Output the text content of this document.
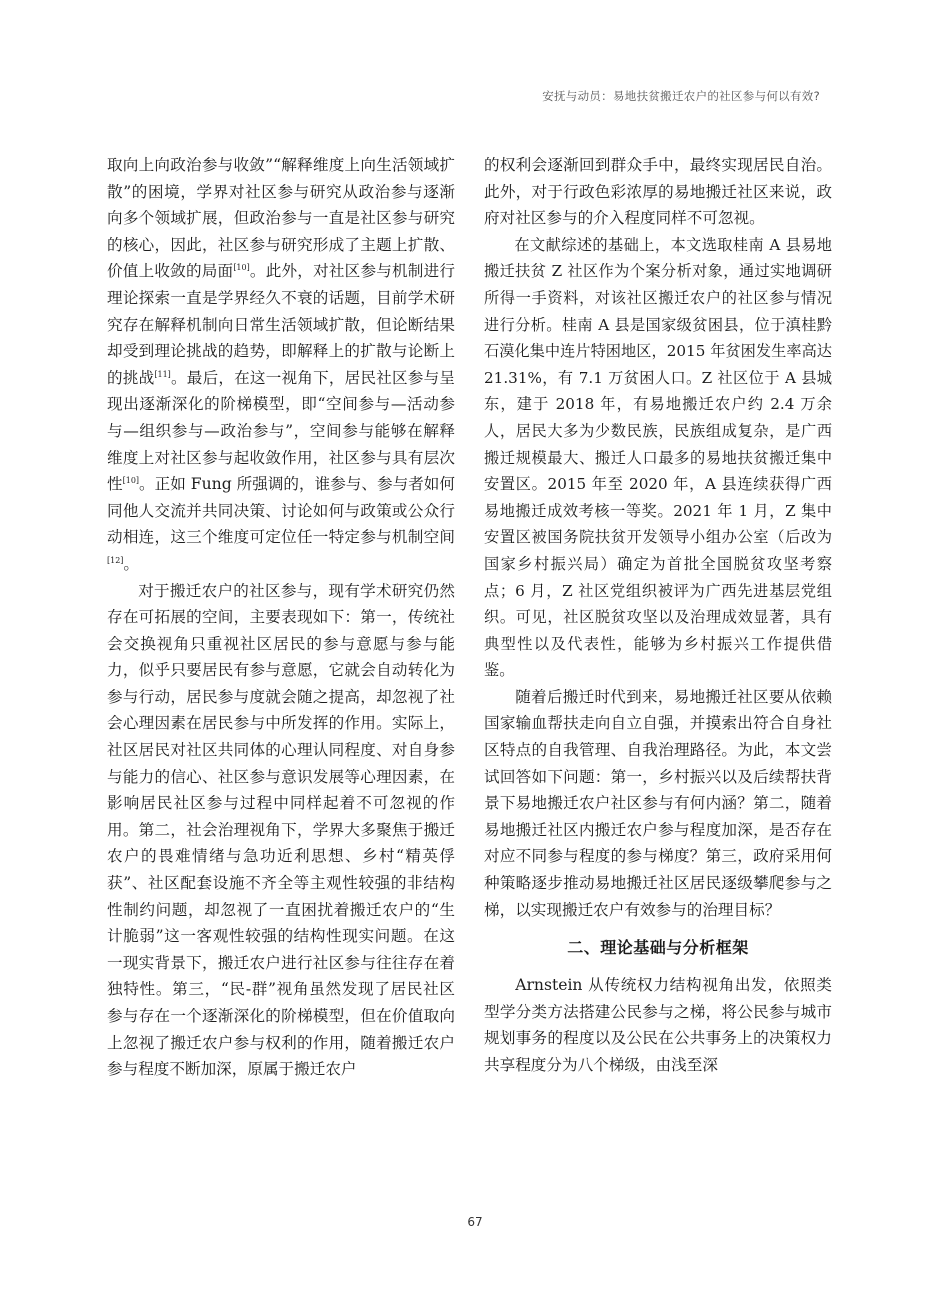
安抚与动员：易地扶贫搬迁农户的社区参与何以有效?

取向上向政治参与收敛”“解释维度上向生活领域扩散”的困境，学界对社区参与研究从政治参与逐渐向多个领域扩展，但政治参与一直是社区参与研究的核心，因此，社区参与研究形成了主题上扩散、价值上收敛的局面[10]。此外，对社区参与机制进行理论探索一直是学界经久不衰的话题，目前学术研究存在解释机制向日常生活领域扩散，但论断结果却受到理论挑战的趋势，即解释上的扩散与论断上的挑战[11]。最后，在这一视角下，居民社区参与呈现出逐渐深化的阶梯模型，即“空间参与—活动参与—组织参与—政治参与”，空间参与能够在解释维度上对社区参与起收敛作用，社区参与具有层次性[10]。正如 Fung 所强调的，谁参与、参与者如何同他人交流并共同决策、讨论如何与政策或公众行动相连，这三个维度可定位任一特定参与机制空间[12]。

对于搬迁农户的社区参与，现有学术研究仍然存在可拓展的空间，主要表现如下：第一，传统社会交换视角只重视社区居民的参与意愿与参与能力，似乎只要居民有参与意愿，它就会自动转化为参与行动，居民参与度就会随之提高，却忽视了社会心理因素在居民参与中所发挥的作用。实际上，社区居民对社区共同体的心理认同程度、对自身参与能力的信心、社区参与意识发展等心理因素，在影响居民社区参与过程中同样起着不可忽视的作用。第二，社会治理视角下，学界大多聚焦于搬迁农户的畏难情绪与急功近利思想、乡村“精英俘获”、社区配套设施不齐全等主观性较强的非结构性制约问题，却忽视了一直困扰着搬迁农户的“生计脆弱”这一客观性较强的结构性现实问题。在这一现实背景下，搬迁农户进行社区参与往往存在着独特性。第三，“民-群”视角虽然发现了居民社区参与存在一个逐渐深化的阶梯模型，但在价值取向上忽视了搬迁农户参与权利的作用，随着搬迁农户参与程度不断加深，原属于搬迁农户

的权利会逐渐回到群众手中，最终实现居民自治。此外，对于行政色彩浓厚的易地搬迁社区来说，政府对社区参与的介入程度同样不可忽视。

在文献综述的基础上，本文选取桂南 A 县易地搬迁扶贫 Z 社区作为个案分析对象，通过实地调研所得一手资料，对该社区搬迁农户的社区参与情况进行分析。桂南 A 县是国家级贫困县，位于滇桂黔石漠化集中连片特困地区，2015 年贫困发生率高达 21.31%，有 7.1 万贫困人口。Z 社区位于 A 县城东，建于 2018 年，有易地搬迁农户约 2.4 万余人，居民大多为少数民族，民族组成复杂，是广西搬迁规模最大、搬迁人口最多的易地扶贫搬迁集中安置区。2015 年至 2020 年，A 县连续获得广西易地搬迁成效考核一等奖。2021 年 1 月，Z 集中安置区被国务院扶贫开发领导小组办公室（后改为国家乡村振兴局）确定为首批全国脱贫攻坚考察点；6 月，Z 社区党组织被评为广西先进基层党组织。可见，社区脱贫攻坚以及治理成效显著，具有典型性以及代表性，能够为乡村振兴工作提供借鉴。

随着后搬迁时代到来，易地搬迁社区要从依赖国家输血帮扶走向自立自强，并摸索出符合自身社区特点的自我管理、自我治理路径。为此，本文尝试回答如下问题：第一，乡村振兴以及后续帮扶背景下易地搬迁农户社区参与有何内涵？第二，随着易地搬迁社区内搬迁农户参与程度加深，是否存在对应不同参与程度的参与梯度？第三，政府采用何种策略逐步推动易地搬迁社区居民逐级攀爬参与之梯，以实现搬迁农户有效参与的治理目标？

二、理论基础与分析框架

Arnstein 从传统权力结构视角出发，依照类型学分类方法搭建公民参与之梯，将公民参与城市规划事务的程度以及公民在公共事务上的决策权力共享程度分为八个梯级，由浅至深

67
